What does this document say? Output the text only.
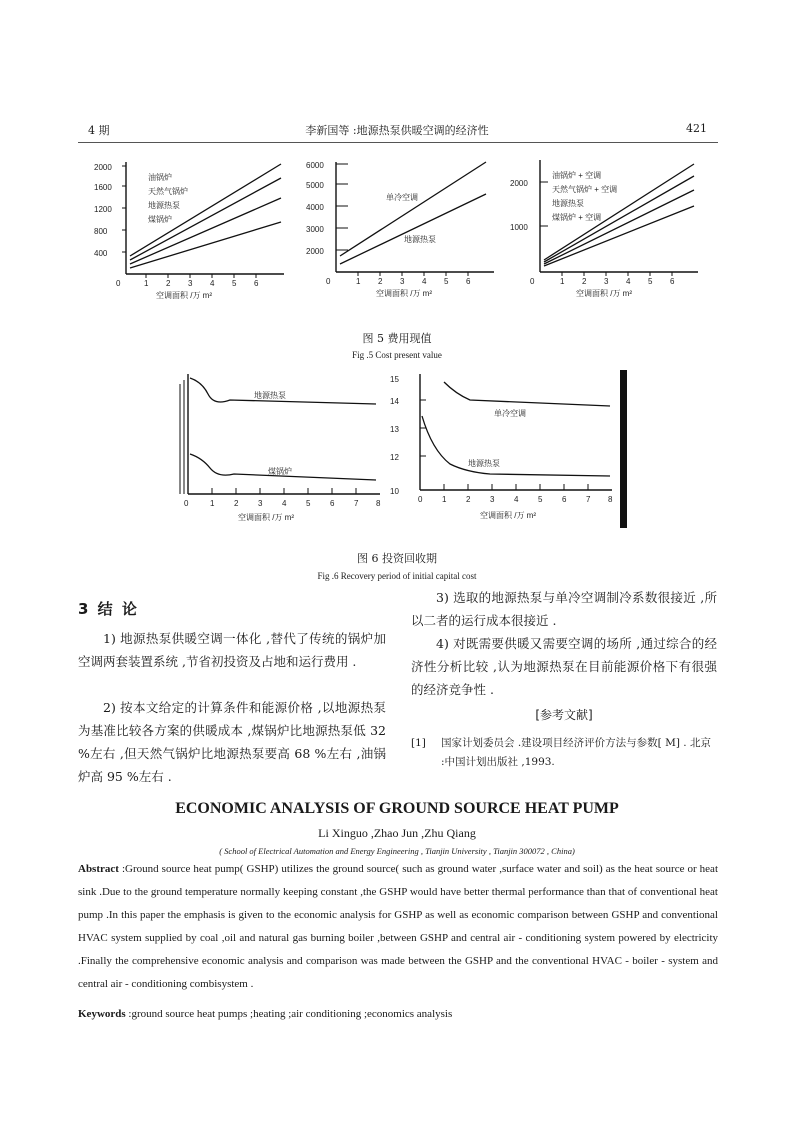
4 期	李新国等 :地源热泵供暖空调的经济性	421
2000
1600
1200
800
400
0	1 2 3 4 5 6
空调面积 /万 m²
油锅炉
天然气锅炉
地源热泵
煤锅炉
6000
5000
4000
3000
2000
0	1 2 3 4 5 6
空调面积 /万 m²
单冷空调
地源热泵
2000
1000
0	1 2 3 4 5 6
空调面积 /万 m²
油锅炉 + 空调
天然气锅炉 + 空调
地源热泵
煤锅炉 + 空调
图 5 费用现值
Fig .5 Cost present value
0	1 2 3 4 5 6 7 8
空调面积 /万 m²
地源热泵
煤锅炉
15
14
13
12
10
0 1 2 3 4 5 6 7 8
空调面积 /万 m²
单冷空调
地源热泵
图 6 投资回收期
Fig .6 Recovery period of initial capital cost
3 结 论
1) 地源热泵供暖空调一体化 ,替代了传统的锅炉加空调两套装置系统 ,节省初投资及占地和运行费用 .
2) 按本文给定的计算条件和能源价格 ,以地源热泵为基准比较各方案的供暖成本 ,煤锅炉比地源热泵低 32 %左右 ,但天然气锅炉比地源热泵要高 68 %左右 ,油锅炉高 95 %左右 .
3) 选取的地源热泵与单冷空调制冷系数很接近 ,所以二者的运行成本很接近 .
4) 对既需要供暖又需要空调的场所 ,通过综合的经济性分析比较 ,认为地源热泵在目前能源价格下有很强的经济竞争性 .
[参考文献]
[1] 国家计划委员会 .建设项目经济评价方法与参数[ M] . 北京 :中国计划出版社 ,1993.
ECONOMIC ANALYSIS OF GROUND SOURCE HEAT PUMP
Li Xinguo ,Zhao Jun ,Zhu Qiang
( School of Electrical Automation and Energy Engineering , Tianjin University , Tianjin 300072 , China)
Abstract :Ground source heat pump( GSHP) utilizes the ground source( such as ground water ,surface water and soil) as the heat source or heat sink .Due to the ground temperature normally keeping constant ,the GSHP would have better thermal performance than that of conventional heat pump .In this paper the emphasis is given to the economic analysis for GSHP as well as economic comparison between GSHP and conventional HVAC system supplied by coal ,oil and natural gas burning boiler ,between GSHP and central air - conditioning system powered by electricity .Finally the comprehensive economic analysis and comparison was made between the GSHP and the conventional HVAC - boiler - system and central air - conditioning combisystem .
Keywords :ground source heat pumps ;heating ;air conditioning ;economics analysis
